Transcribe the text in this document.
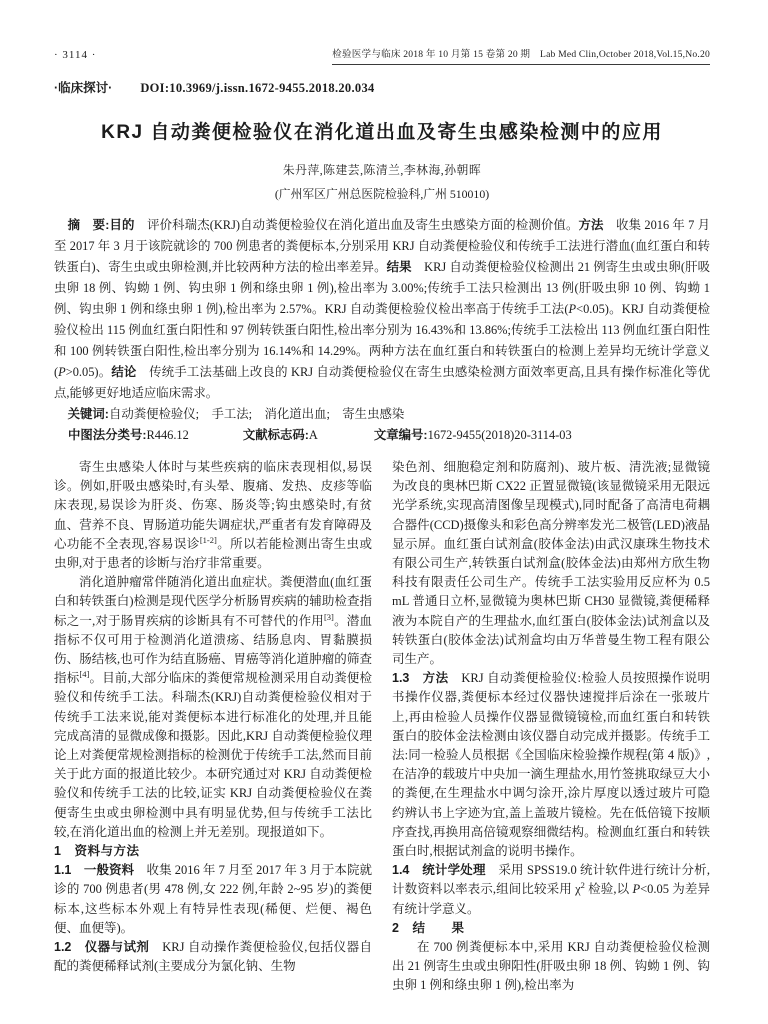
· 3114 ·	检验医学与临床 2018 年 10 月第 15 卷第 20 期　Lab Med Clin,October 2018,Vol.15,No.20
·临床探讨· DOI:10.3969/j.issn.1672-9455.2018.20.034
KRJ 自动粪便检验仪在消化道出血及寄生虫感染检测中的应用
朱丹萍,陈建芸,陈清兰,李林海,孙朝晖
(广州军区广州总医院检验科,广州 510010)

摘　要:目的　评价科瑞杰(KRJ)自动粪便检验仪在消化道出血及寄生虫感染方面的检测价值。方法　收集 2016 年 7 月至 2017 年 3 月于该院就诊的 700 例患者的粪便标本,分别采用 KRJ 自动粪便检验仪和传统手工法进行潜血(血红蛋白和转铁蛋白)、寄生虫或虫卵检测,并比较两种方法的检出率差异。结果　KRJ 自动粪便检验仪检测出 21 例寄生虫或虫卵(肝吸虫卵 18 例、钩蚴 1 例、钩虫卵 1 例和绦虫卵 1 例),检出率为 3.00%;传统手工法只检测出 13 例(肝吸虫卵 10 例、钩蚴 1 例、钩虫卵 1 例和绦虫卵 1 例),检出率为 2.57%。KRJ 自动粪便检验仪检出率高于传统手工法(P<0.05)。KRJ 自动粪便检验仪检出 115 例血红蛋白阳性和 97 例转铁蛋白阳性,检出率分别为 16.43%和 13.86%;传统手工法检出 113 例血红蛋白阳性和 100 例转铁蛋白阳性,检出率分别为 16.14%和 14.29%。两种方法在血红蛋白和转铁蛋白的检测上差异均无统计学意义(P>0.05)。结论　传统手工法基础上改良的 KRJ 自动粪便检验仪在寄生虫感染检测方面效率更高,且具有操作标准化等优点,能够更好地适应临床需求。

关键词:自动粪便检验仪;　手工法;　消化道出血;　寄生虫感染

中图法分类号:R446.12	文献标志码:A	文章编号:1672-9455(2018)20-3114-03

寄生虫感染人体时与某些疾病的临床表现相似,易误诊。例如,肝吸虫感染时,有头晕、腹痛、发热、皮疹等临床表现,易误诊为肝炎、伤寒、肠炎等;钩虫感染时,有贫血、营养不良、胃肠道功能失调症状,严重者有发育障碍及心功能不全表现,容易误诊[1-2]。所以若能检测出寄生虫或虫卵,对于患者的诊断与治疗非常重要。

消化道肿瘤常伴随消化道出血症状。粪便潜血(血红蛋白和转铁蛋白)检测是现代医学分析肠胃疾病的辅助检查指标之一,对于肠胃疾病的诊断具有不可替代的作用[3]。潜血指标不仅可用于检测消化道溃疡、结肠息肉、胃黏膜损伤、肠结核,也可作为结直肠癌、胃癌等消化道肿瘤的筛查指标[4]。目前,大部分临床的粪便常规检测采用自动粪便检验仪和传统手工法。科瑞杰(KRJ)自动粪便检验仪相对于传统手工法来说,能对粪便标本进行标准化的处理,并且能完成高清的显微成像和摄影。因此,KRJ 自动粪便检验仪理论上对粪便常规检测指标的检测优于传统手工法,然而目前关于此方面的报道比较少。本研究通过对 KRJ 自动粪便检验仪和传统手工法的比较,证实 KRJ 自动粪便检验仪在粪便寄生虫或虫卵检测中具有明显优势,但与传统手工法比较,在消化道出血的检测上并无差别。现报道如下。

1　资料与方法

1.1　一般资料　收集 2016 年 7 月至 2017 年 3 月于本院就诊的 700 例患者(男 478 例,女 222 例,年龄 2~95 岁)的粪便标本,这些标本外观上有特异性表现(稀便、烂便、褐色便、血便等)。

1.2　仪器与试剂　KRJ 自动操作粪便检验仪,包括仪器自配的粪便稀释试剂(主要成分为氯化钠、生物

染色剂、细胞稳定剂和防腐剂)、玻片板、清洗液;显微镜为改良的奥林巴斯 CX22 正置显微镜(该显微镜采用无限远光学系统,实现高清图像呈现模式),同时配备了高清电荷耦合器件(CCD)摄像头和彩色高分辨率发光二极管(LED)液晶显示屏。血红蛋白试剂盒(胶体金法)由武汉康珠生物技术有限公司生产,转铁蛋白试剂盒(胶体金法)由郑州方欣生物科技有限责任公司生产。传统手工法实验用反应杯为 0.5 mL 普通日立杯,显微镜为奥林巴斯 CH30 显微镜,粪便稀释液为本院自产的生理盐水,血红蛋白(胶体金法)试剂盒以及转铁蛋白(胶体金法)试剂盒均由万华普曼生物工程有限公司生产。

1.3　方法　KRJ 自动粪便检验仪:检验人员按照操作说明书操作仪器,粪便标本经过仪器快速搅拌后涂在一张玻片上,再由检验人员操作仪器显微镜镜检,而血红蛋白和转铁蛋白的胶体金法检测由该仪器自动完成并摄影。传统手工法:同一检验人员根据《全国临床检验操作规程(第 4 版)》,在洁净的载玻片中央加一滴生理盐水,用竹签挑取绿豆大小的粪便,在生理盐水中调匀涂开,涂片厚度以透过玻片可隐约辨认书上字迹为宜,盖上盖玻片镜检。先在低倍镜下按顺序查找,再换用高倍镜观察细微结构。检测血红蛋白和转铁蛋白时,根据试剂盒的说明书操作。

1.4　统计学处理　采用 SPSS19.0 统计软件进行统计分析,计数资料以率表示,组间比较采用 $\chi^2$ 检验,以 P<0.05 为差异有统计学意义。

2　结　　果

在 700 例粪便标本中,采用 KRJ 自动粪便检验仪检测出 21 例寄生虫或虫卵阳性(肝吸虫卵 18 例、钩蚴 1 例、钩虫卵 1 例和绦虫卵 1 例),检出率为
